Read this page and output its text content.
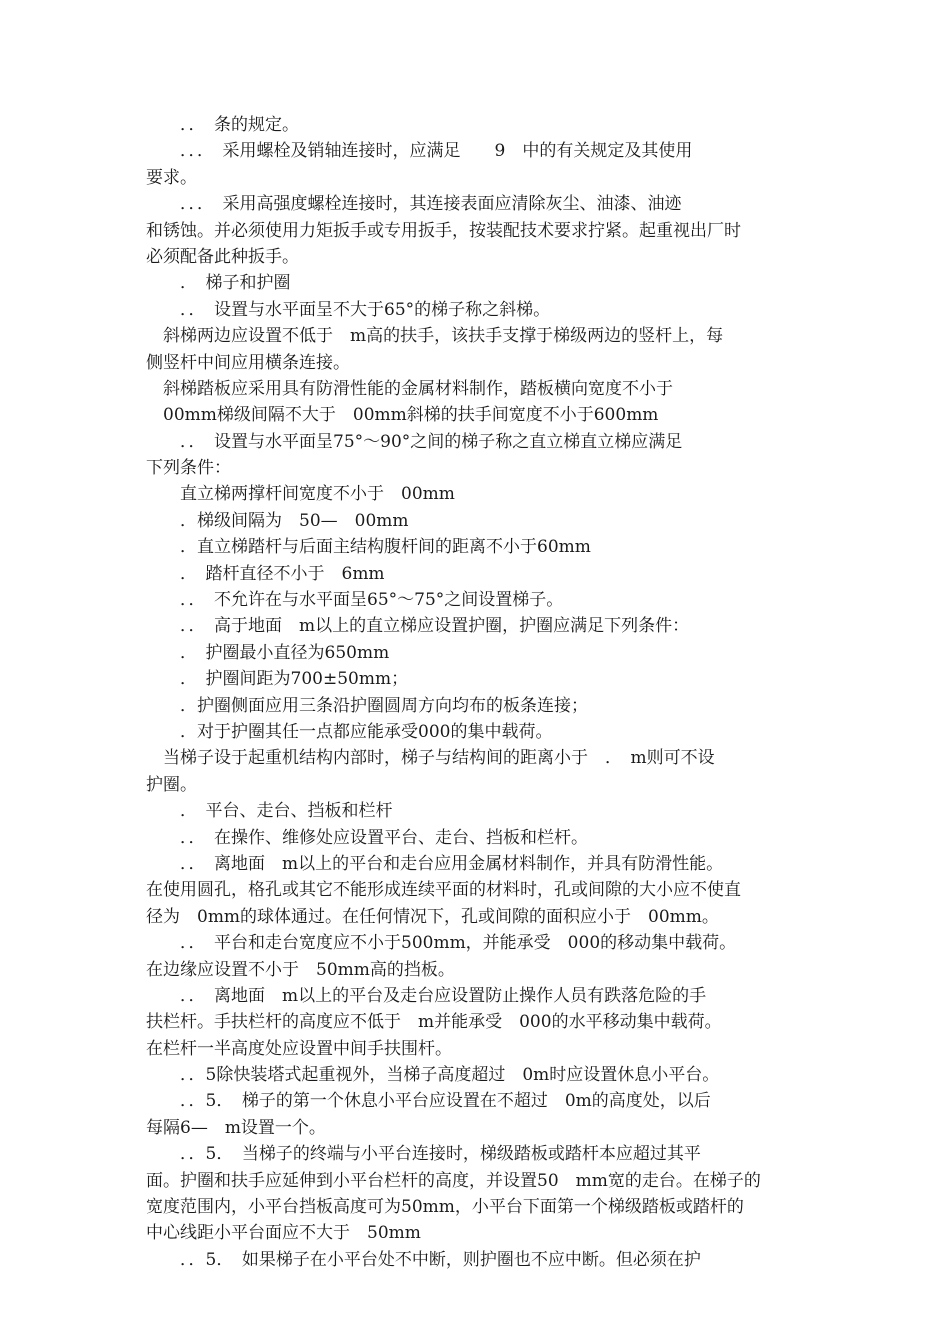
　　．．　条的规定。
　　．．．　采用螺栓及销轴连接时，应满足　　9　中的有关规定及其使用
要求。
　　．．．　采用高强度螺栓连接时，其连接表面应清除灰尘、油漆、油迹
和锈蚀。并必须使用力矩扳手或专用扳手，按装配技术要求拧紧。起重视出厂时
必须配备此种扳手。
　　．　梯子和护圈
　　．．　设置与水平面呈不大于65°的梯子称之斜梯。
　斜梯两边应设置不低于　m高的扶手，该扶手支撑于梯级两边的竖杆上，每
侧竖杆中间应用横条连接。
　斜梯踏板应采用具有防滑性能的金属材料制作，踏板横向宽度不小于
　00mm梯级间隔不大于　00mm斜梯的扶手间宽度不小于600mm
　　．．　设置与水平面呈75°～90°之间的梯子称之直立梯直立梯应满足
下列条件：
　　直立梯两撑杆间宽度不小于　00mm
　　．梯级间隔为　50—　00mm
　　．直立梯踏杆与后面主结构腹杆间的距离不小于60mm
　　．　踏杆直径不小于　6mm
　　．．　不允许在与水平面呈65°～75°之间设置梯子。
　　．．　高于地面　m以上的直立梯应设置护圈，护圈应满足下列条件：
　　．　护圈最小直径为650mm
　　．　护圈间距为700±50mm；
　　．护圈侧面应用三条沿护圈圆周方向均布的板条连接；
　　．对于护圈其任一点都应能承受000的集中载荷。
　当梯子设于起重机结构内部时，梯子与结构间的距离小于　．　m则可不设
护圈。
　　．　平台、走台、挡板和栏杆
　　．．　在操作、维修处应设置平台、走台、挡板和栏杆。
　　．．　离地面　m以上的平台和走台应用金属材料制作，并具有防滑性能。
在使用圆孔，格孔或其它不能形成连续平面的材料时，孔或间隙的大小应不使直
径为　0mm的球体通过。在任何情况下，孔或间隙的面积应小于　00mm。
　　．．　平台和走台宽度应不小于500mm，并能承受　000的移动集中载荷。
在边缘应设置不小于　50mm高的挡板。
　　．．　离地面　m以上的平台及走台应设置防止操作人员有跌落危险的手
扶栏杆。手扶栏杆的高度应不低于　m并能承受　000的水平移动集中载荷。
在栏杆一半高度处应设置中间手扶围杆。
　　．．5除快装塔式起重视外，当梯子高度超过　0m时应设置休息小平台。
　　．．5．　梯子的第一个休息小平台应设置在不超过　0m的高度处，以后
每隔6—　m设置一个。
　　．．5．　当梯子的终端与小平台连接时，梯级踏板或踏杆本应超过其平
面。护圈和扶手应延伸到小平台栏杆的高度，并设置50　mm宽的走台。在梯子的
宽度范围内，小平台挡板高度可为50mm，小平台下面第一个梯级踏板或踏杆的
中心线距小平台面应不大于　50mm
　　．．5．　如果梯子在小平台处不中断，则护圈也不应中断。但必须在护
